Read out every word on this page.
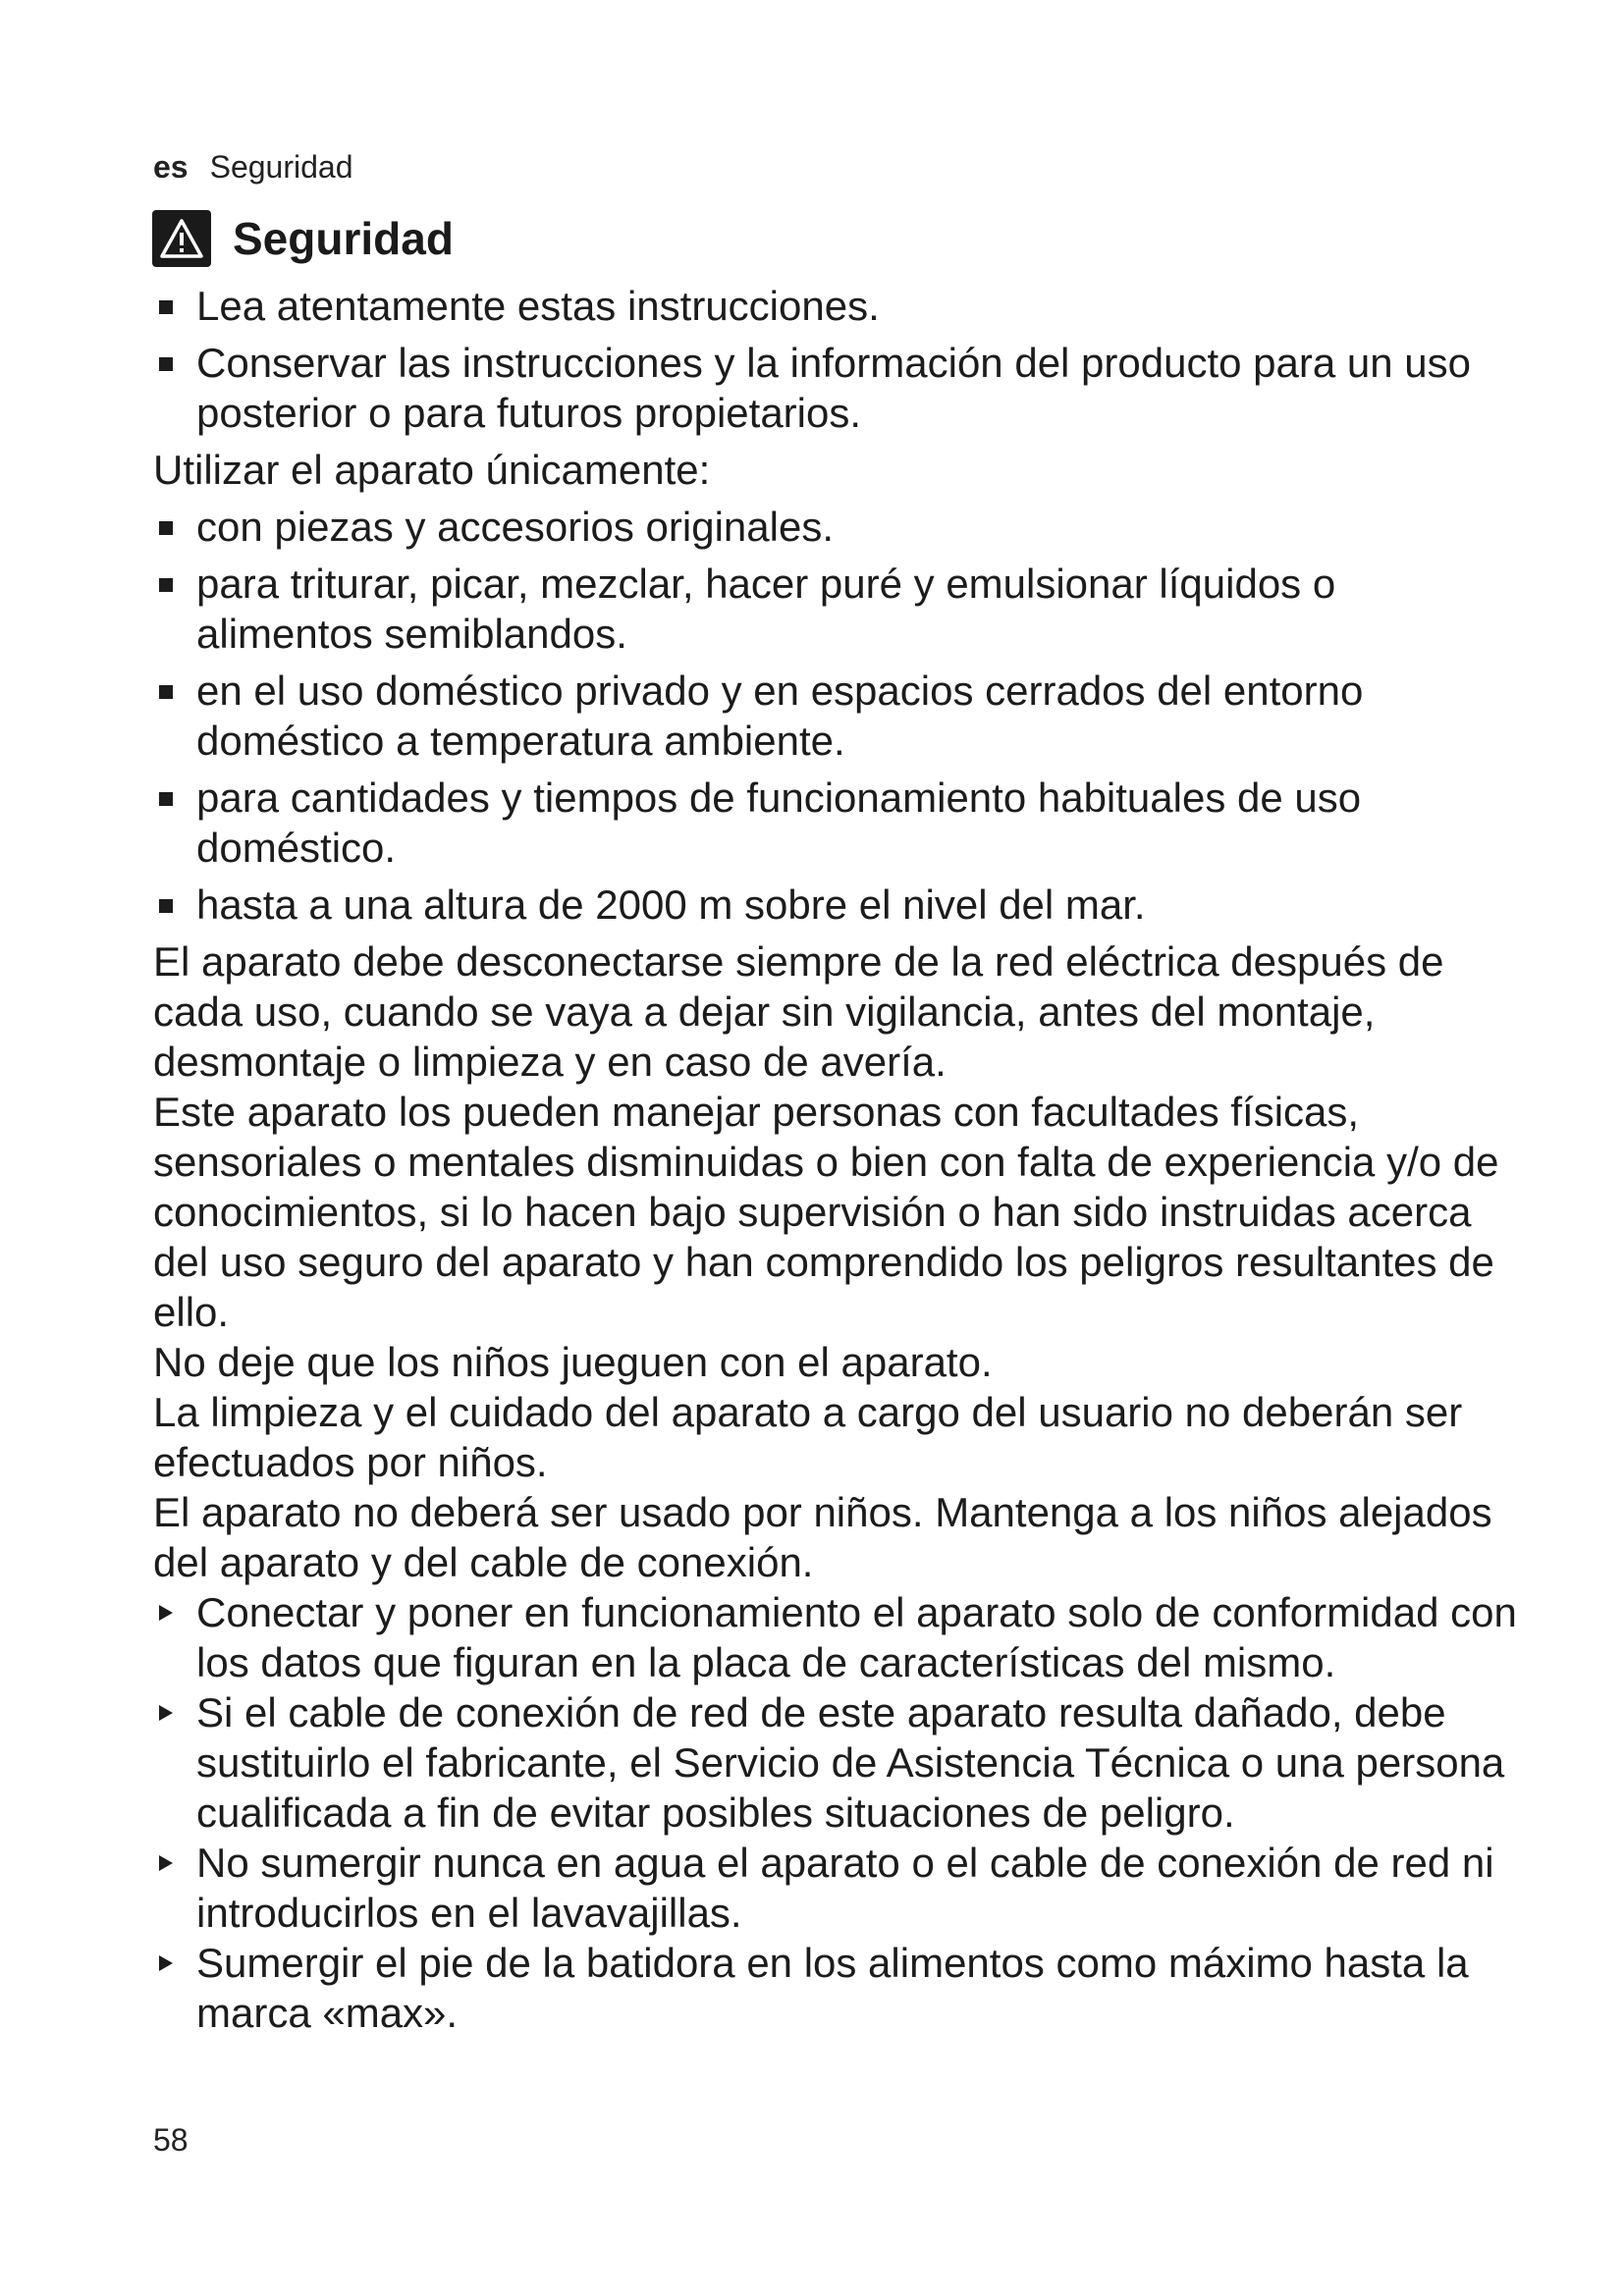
es Seguridad
Seguridad
Lea atentamente estas instrucciones.
Conservar las instrucciones y la información del producto para un uso posterior o para futuros propietarios.
Utilizar el aparato únicamente:
con piezas y accesorios originales.
para triturar, picar, mezclar, hacer puré y emulsionar líquidos o alimentos semiblandos.
en el uso doméstico privado y en espacios cerrados del entorno doméstico a temperatura ambiente.
para cantidades y tiempos de funcionamiento habituales de uso doméstico.
hasta a una altura de 2000 m sobre el nivel del mar.
El aparato debe desconectarse siempre de la red eléctrica después de cada uso, cuando se vaya a dejar sin vigilancia, antes del montaje, desmontaje o limpieza y en caso de avería.
Este aparato los pueden manejar personas con facultades físicas, sensoriales o mentales disminuidas o bien con falta de experiencia y/o de conocimientos, si lo hacen bajo supervisión o han sido instruidas acerca del uso seguro del aparato y han comprendido los peligros resultantes de ello.
No deje que los niños jueguen con el aparato.
La limpieza y el cuidado del aparato a cargo del usuario no deberán ser efectuados por niños.
El aparato no deberá ser usado por niños. Mantenga a los niños alejados del aparato y del cable de conexión.
Conectar y poner en funcionamiento el aparato solo de conformidad con los datos que figuran en la placa de características del mismo.
Si el cable de conexión de red de este aparato resulta dañado, debe sustituirlo el fabricante, el Servicio de Asistencia Técnica o una persona cualificada a fin de evitar posibles situaciones de peligro.
No sumergir nunca en agua el aparato o el cable de conexión de red ni introducirlos en el lavavajillas.
Sumergir el pie de la batidora en los alimentos como máximo hasta la marca «max».
58
